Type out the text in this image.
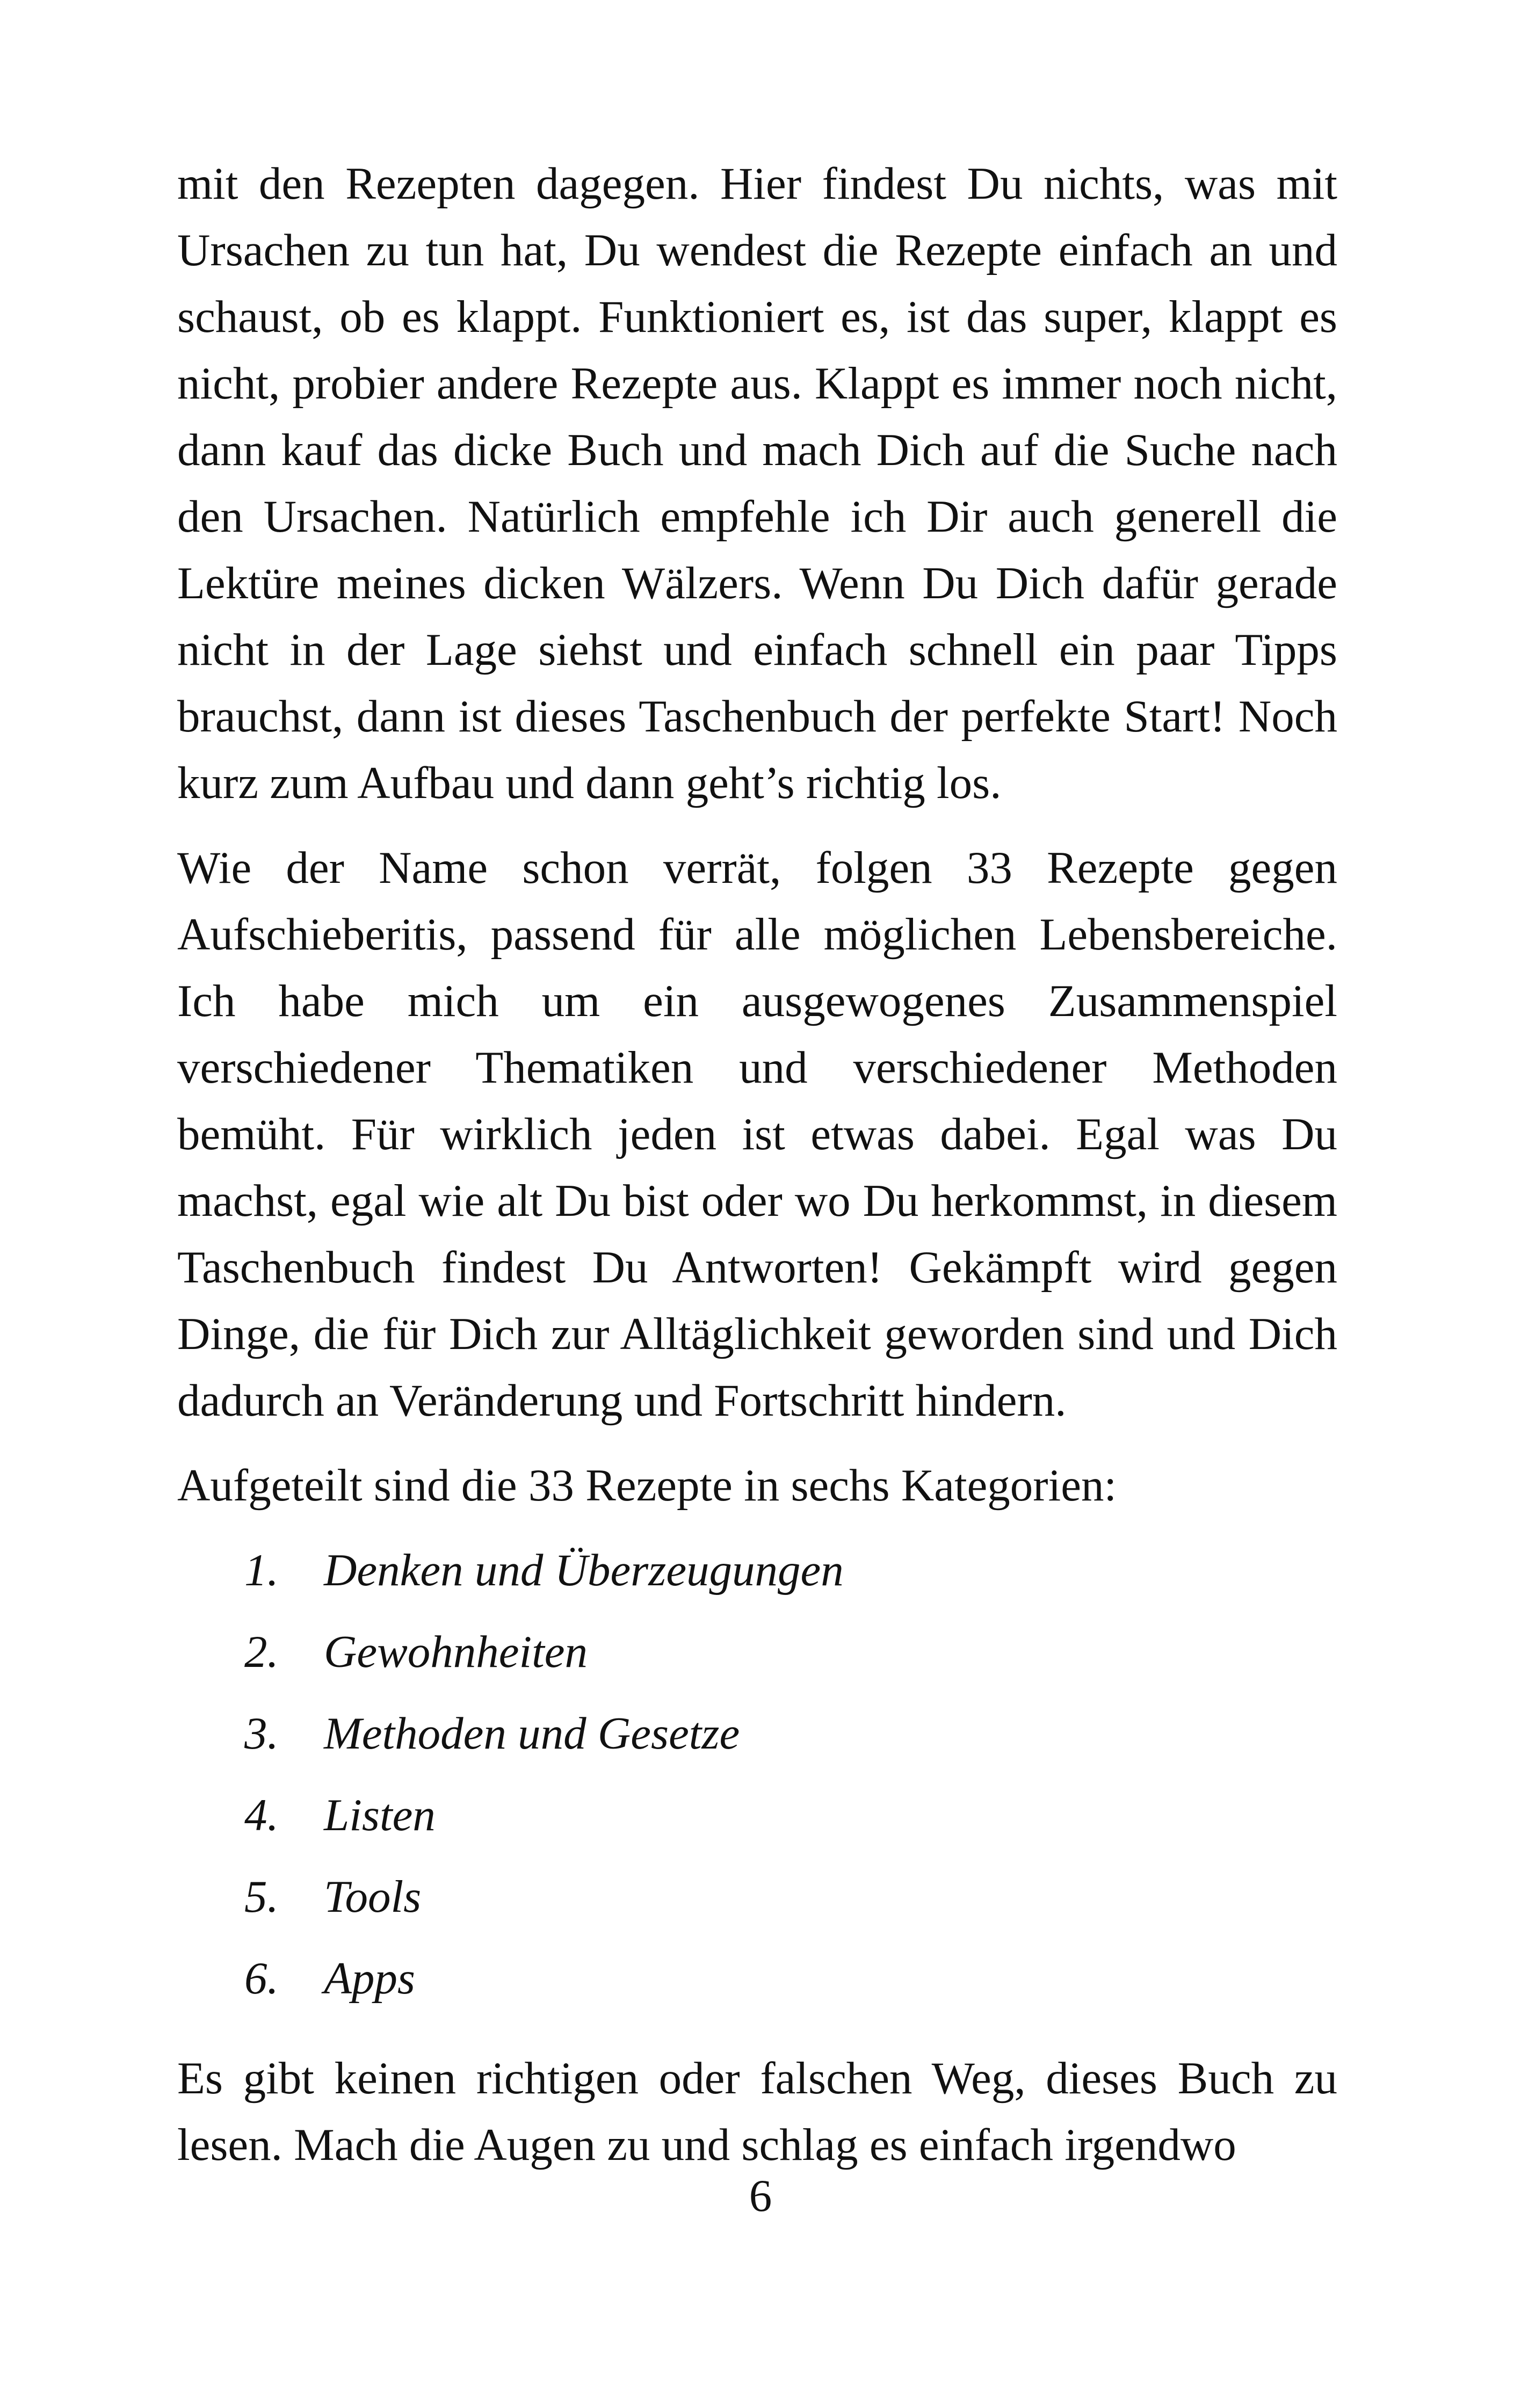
mit den Rezepten dagegen. Hier findest Du nichts, was mit Ursachen zu tun hat, Du wendest die Rezepte einfach an und schaust, ob es klappt. Funktioniert es, ist das super, klappt es nicht, probier andere Rezepte aus. Klappt es immer noch nicht, dann kauf das dicke Buch und mach Dich auf die Suche nach den Ursachen. Natürlich empfehle ich Dir auch generell die Lektüre meines dicken Wälzers. Wenn Du Dich dafür gerade nicht in der Lage siehst und einfach schnell ein paar Tipps brauchst, dann ist dieses Taschenbuch der perfekte Start! Noch kurz zum Aufbau und dann geht’s richtig los.

Wie der Name schon verrät, folgen 33 Rezepte gegen Aufschieberitis, passend für alle möglichen Lebensbereiche. Ich habe mich um ein ausgewogenes Zusammenspiel verschiedener Thematiken und verschiedener Methoden bemüht. Für wirklich jeden ist etwas dabei. Egal was Du machst, egal wie alt Du bist oder wo Du herkommst, in diesem Taschenbuch findest Du Antworten! Gekämpft wird gegen Dinge, die für Dich zur Alltäglichkeit geworden sind und Dich dadurch an Veränderung und Fortschritt hindern.

Aufgeteilt sind die 33 Rezepte in sechs Kategorien:

1. Denken und Überzeugungen
2. Gewohnheiten
3. Methoden und Gesetze
4. Listen
5. Tools
6. Apps

Es gibt keinen richtigen oder falschen Weg, dieses Buch zu lesen. Mach die Augen zu und schlag es einfach irgendwo

6
